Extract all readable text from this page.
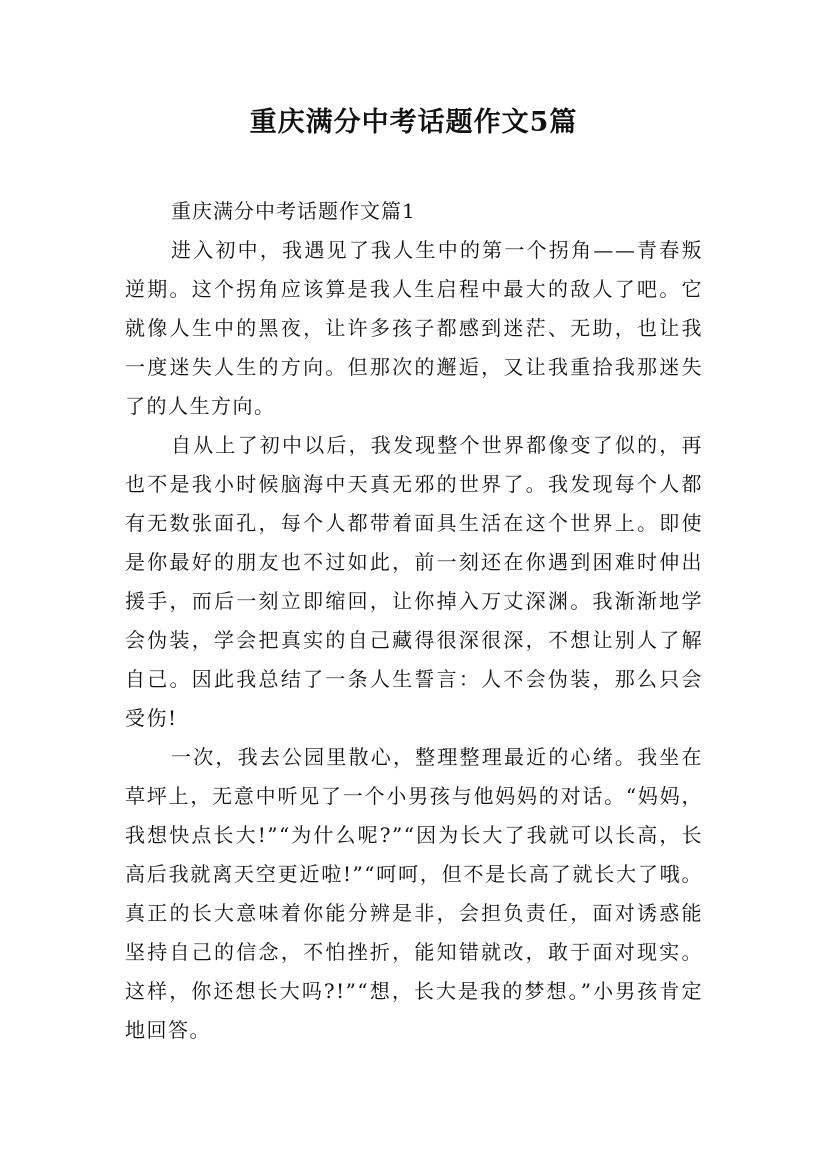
重庆满分中考话题作文5篇

重庆满分中考话题作文篇1

进入初中，我遇见了我人生中的第一个拐角——青春叛逆期。这个拐角应该算是我人生启程中最大的敌人了吧。它就像人生中的黑夜，让许多孩子都感到迷茫、无助，也让我一度迷失人生的方向。但那次的邂逅，又让我重拾我那迷失了的人生方向。

自从上了初中以后，我发现整个世界都像变了似的，再也不是我小时候脑海中天真无邪的世界了。我发现每个人都有无数张面孔，每个人都带着面具生活在这个世界上。即使是你最好的朋友也不过如此，前一刻还在你遇到困难时伸出援手，而后一刻立即缩回，让你掉入万丈深渊。我渐渐地学会伪装，学会把真实的自己藏得很深很深，不想让别人了解自己。因此我总结了一条人生誓言：人不会伪装，那么只会受伤!

一次，我去公园里散心，整理整理最近的心绪。我坐在草坪上，无意中听见了一个小男孩与他妈妈的对话。“妈妈，我想快点长大!”“为什么呢?”“因为长大了我就可以长高，长高后我就离天空更近啦!”“呵呵，但不是长高了就长大了哦。真正的长大意味着你能分辨是非，会担负责任，面对诱惑能坚持自己的信念，不怕挫折，能知错就改，敢于面对现实。这样，你还想长大吗?!”“想，长大是我的梦想。”小男孩肯定地回答。
